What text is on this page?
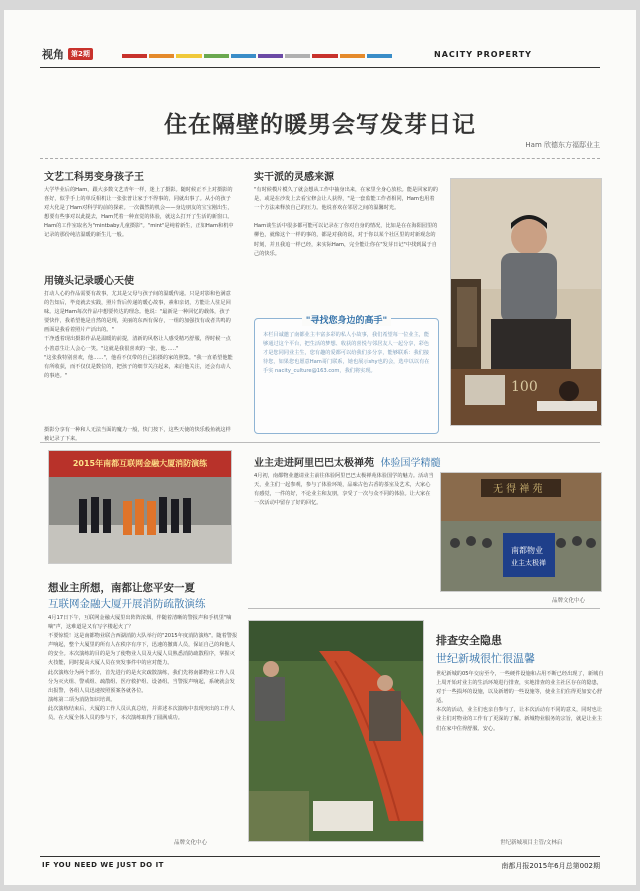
视角	第2期	NACITY PROPERTY
住在隔壁的暖男会写发芽日记
Ham 欣德东方福邸业主
文艺工科男变身孩子王
大学毕业后的Ham，跟大多数文艺青年一样，迷上了摄影。随时候正不上对摄影的喜好，似乎手上的单反相机让一张张普让家于不得事的，同就出事了。从小的孩子对大化是了Ham对科学的前的探索。一次偶然的机会——身边朋友的宝宝刚出生，想要有些事对以此提去，Ham凭着一种直觉的体验，就这么打开了生活的新窗口。Ham的工作室取名为"mintbaby儿童摄影"。"mint"是纯着新生，正如Ham和机中记录的那份纯洁温暖的新生儿一般。
用镜头记录暖心天使
打动人心的作品需要有故事，尤其是父母与孩子间的温暖传递。只是对影和色满意的告知后，毕竟就去实践，照片背后传递的暖心故事，素和亲切，方能让人驻足回味。这是Ham每次作品中想要传达的理念。他说："最新是一种回忆的载体，孩子要快作，我希望他是自然的是现，美丽的东西有保存，一组的加强技有或者共鸣的画面是我看着照片产活出的。"
干净透着现出摄影作品是温暖的前提，清新的风格让人感受精巧舒服，得时候一点小善意生让人会心一笑。"这就是我很喜欢的一张，他……"
"这张我特别喜欢，他……"，他看不仅带的自己拍摄的家的照集。"我一直希望他能有所收获，而不仅仅是数位的，把孩子的细节关注起来，来启他关注，还会有动人的事迹。"
摄影分享有一种和人无法当面的魔力一般，快门按下，这些天使的快乐般鱼就这样被记录了下来。
实干派的灵感来源
"有时候模片模久了就会想从工作中抽身出来，在家里全身心放松。能是回家的的是，或是在沙发上去看宝修会让人获得，"是一套监能工作者相同，Ham也用着一个方法来释放自己的压力。他说喜欢在邻居之间的温馨时光。

Ham谈生活中很多都可能可以记录在了你对自身的情况，比如是在在海阳园里的柳色，就像这个一样的事的，都是对我的说，对于你以某个社区里的对新观念的时刻，并且我追一样已经，来实际Ham，完全能让你在"发芽日记"中找到属于自己的快乐。
"寻找您身边的高手"
本栏目诚邀了南都业主丰富多彩的私人小故事，我们希望每一位业主，能够通过这个平台，把生活的梦想、收获的喜悦与邻居友人一起分享，彩色才是您同同业主生，您有趣的爱都可以给我们多分享，能够联系：我们接待您，如果您也愿意Ham哥门联系，她也展示shy也的会，选中以以有在手实 nacity_culture@163.com，我们将实现。
100
2015年南都互联网金融大厦消防演练	业主走进阿里巴巴太极禅苑 体验国学精髓
4月初，南都物业邀请业主前往体验阿里巴巴太极禅苑体验国学的魅力。活动当天，业主们一起参观，参与了体验环境，品味古色古香的茶室及艺术，大家心有感觉，一件的好，不论业主和友朋，享受了一次与众不同的体验。让大家在一次活动中留存了好的回忆。
无 得 禅 苑
南都物业
业主太极禅
品牌文化中心
想业主所想，南都让您平安一夏
互联网金融大厦开展消防疏散演练
4月17日下午，互联网金融大厦里出阵阵浓烟，伴随着清晰的警报声和手机里"嘀嘀"声，这难道是又有写字楼起火了？
不要惊慌！这是南都物业联合西湖消防大队举行的"2015年度消防演练"。随着警报声响起，整个大厦里的所有人在秩序有序下，迅速的撤离人员，保证自己的和他人的安全。本次演练的目的是为了使物业人员及大厦人员熟悉消防疏散程序，掌握灭火技能，同时提高大厦人员在突发事件中的应对能力。
此次演练分为两个部分，首先进行的是火灾疏散演练，我们先将南都物业工作人员分为灭火组、警戒组、疏散组、医疗救护组、设备组。当警报声响起，系统就会发出报警，各组人员迅速按照预案各就各位。
演练第二项为消防知识培训。
此次演练结束后，大厦的工作人员认真总结，并讲述本次演练中表现突出的工作人员。在大厦全体人员的参与下，本次演练取得了圆满成功。
品牌文化中心
排查安全隐患
世纪新城很忙很温馨
世纪新城的05年交房至今，一些硬件设施和占用不断已经出现了，新城自上周开始对业主的生活环境进行排查，实地排查的业主社区存在的隐患，对于一些损坏的设施，以及新增的一些设施等，使业主们住得更加安心舒适。
本次的活动，业主们也亲自参与了，让本次活动有不同的意义，同时也让业主们对物业的工作有了更深的了解。新城物业服务的宗旨，就是让业主们在家中住得舒服、安心。
世纪新城项目主管/文林启
IF YOU NEED WE JUST DO IT	南都月报2015年6月总第002期
